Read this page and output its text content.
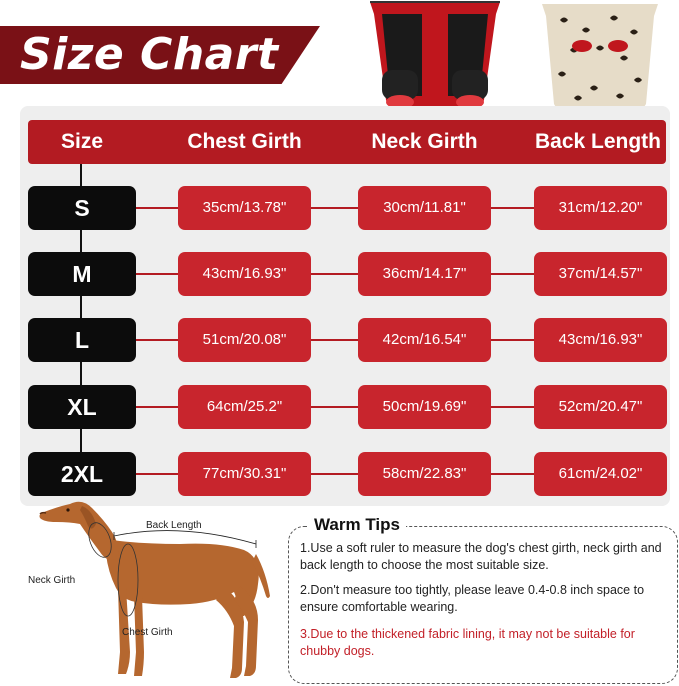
Size Chart
Size	Chest Girth	Neck Girth	Back Length
S	35cm/13.78"	30cm/11.81"	31cm/12.20"
M	43cm/16.93"	36cm/14.17"	37cm/14.57"
L	51cm/20.08"	42cm/16.54"	43cm/16.93"
XL	64cm/25.2"	50cm/19.69"	52cm/20.47"
2XL	77cm/30.31"	58cm/22.83"	61cm/24.02"
Back Length
Neck Girth
Chest Girth
Warm Tips
1.Use a soft ruler to measure the dog's chest girth, neck girth and back length to choose the most suitable size.
2.Don't measure too tightly, please leave 0.4-0.8 inch space to ensure comfortable wearing.
3.Due to the thickened fabric lining, it may not be suitable for chubby dogs.
